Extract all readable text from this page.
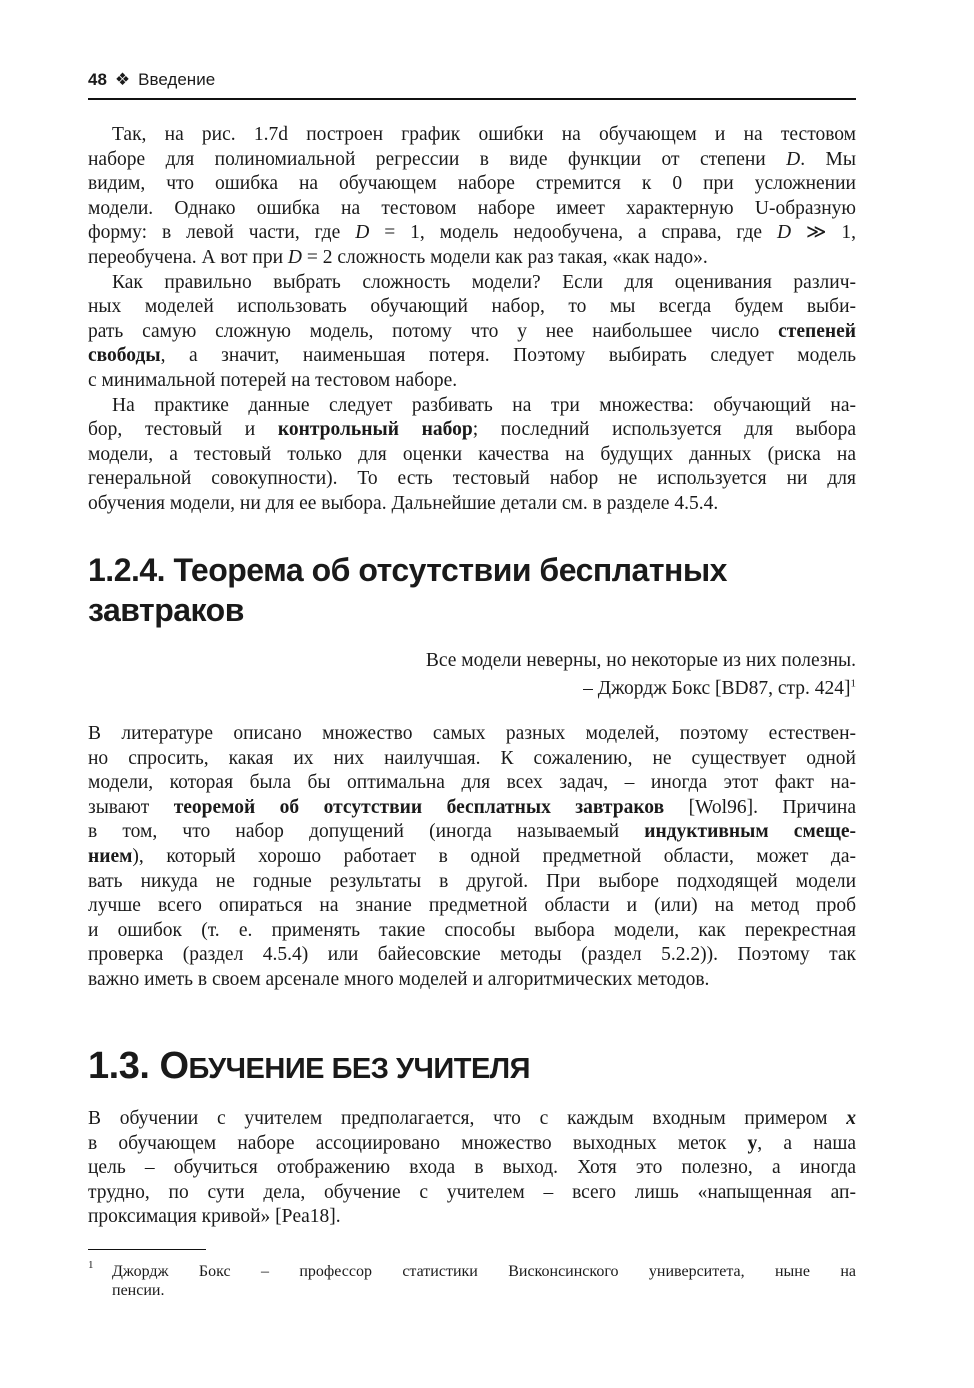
48 ❖ Введение
Так, на рис. 1.7d построен график ошибки на обучающем и на тестовом
наборе для полиномиальной регрессии в виде функции от степени D. Мы
видим, что ошибка на обучающем наборе стремится к 0 при усложнении
модели. Однако ошибка на тестовом наборе имеет характерную U-образную
форму: в левой части, где D = 1, модель недообучена, а справа, где D ≫ 1,
переобучена. А вот при D = 2 сложность модели как раз такая, «как надо».
Как правильно выбрать сложность модели? Если для оценивания различ-
ных моделей использовать обучающий набор, то мы всегда будем выби-
рать самую сложную модель, потому что у нее наибольшее число степеней
свободы, а значит, наименьшая потеря. Поэтому выбирать следует модель
с минимальной потерей на тестовом наборе.
На практике данные следует разбивать на три множества: обучающий на-
бор, тестовый и контрольный набор; последний используется для выбора
модели, а тестовый только для оценки качества на будущих данных (риска на
генеральной совокупности). То есть тестовый набор не используется ни для
обучения модели, ни для ее выбора. Дальнейшие детали см. в разделе 4.5.4.
1.2.4. Теорема об отсутствии бесплатных
завтраков
Все модели неверны, но некоторые из них полезны.
– Джордж Бокс [BD87, стр. 424]$^1$
В литературе описано множество самых разных моделей, поэтому естествен-
но спросить, какая их них наилучшая. К сожалению, не существует одной
модели, которая была бы оптимальна для всех задач, – иногда этот факт на-
зывают теоремой об отсутствии бесплатных завтраков [Wol96]. Причина
в том, что набор допущений (иногда называемый индуктивным смеще-
нием), который хорошо работает в одной предметной области, может да-
вать никуда не годные результаты в другой. При выборе подходящей модели
лучше всего опираться на знание предметной области и (или) на метод проб
и ошибок (т. е. применять такие способы выбора модели, как перекрестная
проверка (раздел 4.5.4) или байесовские методы (раздел 5.2.2)). Поэтому так
важно иметь в своем арсенале много моделей и алгоритмических методов.
1.3. ОБУЧЕНИЕ БЕЗ УЧИТЕЛЯ
В обучении с учителем предполагается, что с каждым входным примером x
в обучающем наборе ассоциировано множество выходных меток y, а наша
цель – обучиться отображению входа в выход. Хотя это полезно, а иногда
трудно, по сути дела, обучение с учителем – всего лишь «напыщенная ап-
проксимация кривой» [Pea18].
1 Джордж Бокс – профессор статистики Висконсинского университета, ныне на
пенсии.
